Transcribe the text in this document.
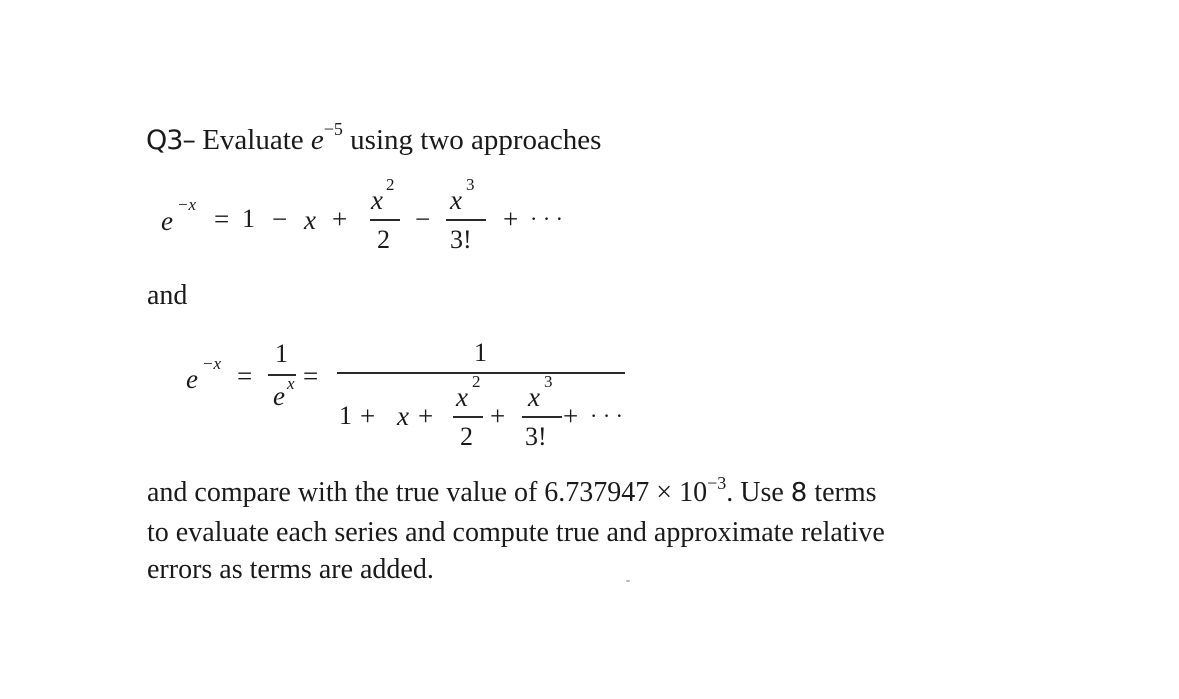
Q3– Evaluate $e^{-5}$ using two approaches
e
−x = 1 − x +
x
2
2
−
x
3
3!
+ · · ·
and
e
−x =
1
e x =
1
1 + x +
x
2
2
+
x
3
3!
+ · · ·
and compare with the true value of $6.737947 \times 10^{-3}$. Use 8 terms
to evaluate each series and compute true and approximate relative
errors as terms are added.
